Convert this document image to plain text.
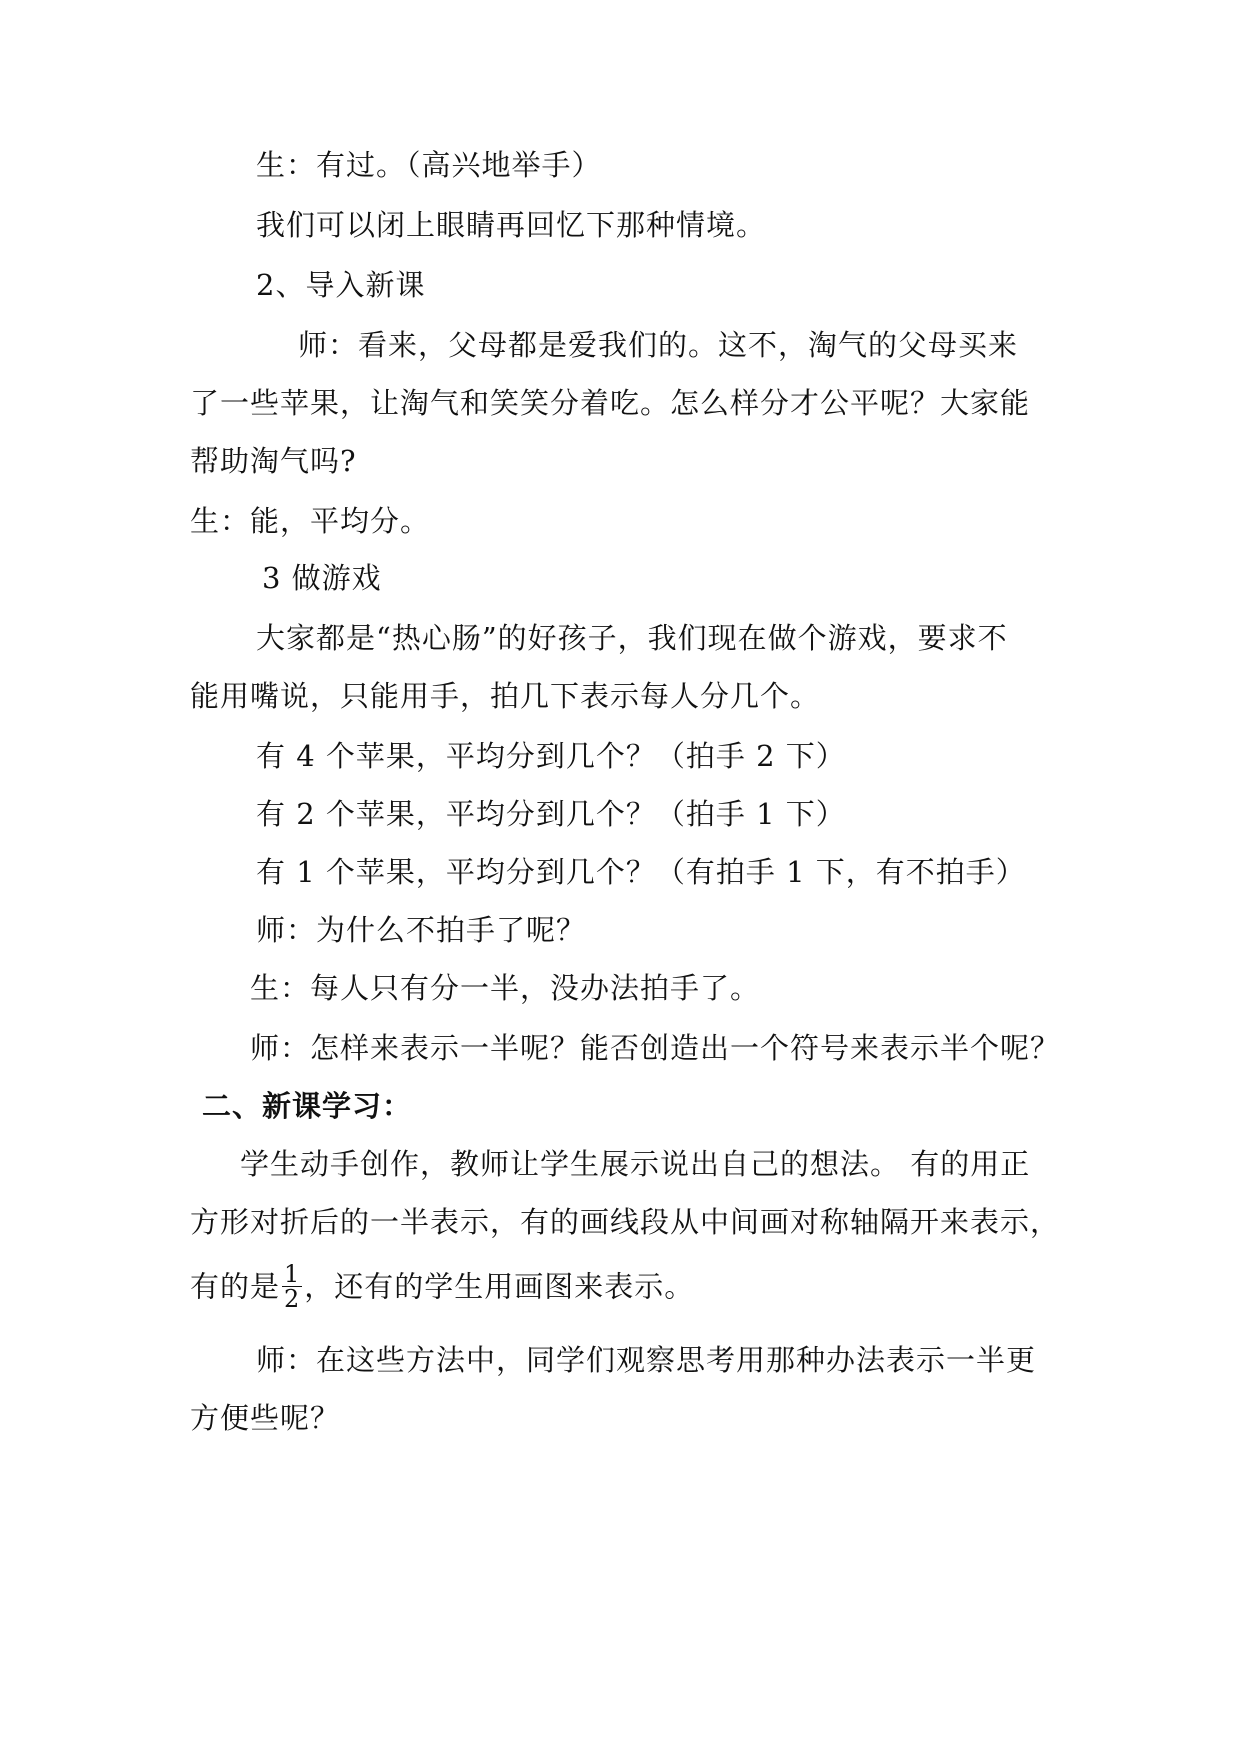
生：有过。（高兴地举手）
我们可以闭上眼睛再回忆下那种情境。
2、导入新课
师：看来，父母都是爱我们的。这不，淘气的父母买来
了一些苹果，让淘气和笑笑分着吃。怎么样分才公平呢？大家能
帮助淘气吗?
生：能，平均分。
3 做游戏
大家都是“热心肠”的好孩子，我们现在做个游戏，要求不
能用嘴说，只能用手，拍几下表示每人分几个。
有 4 个苹果，平均分到几个？（拍手 2 下）
有 2 个苹果，平均分到几个？（拍手 1 下）
有 1 个苹果，平均分到几个？（有拍手 1 下，有不拍手）
师：为什么不拍手了呢？
生：每人只有分一半，没办法拍手了。
师：怎样来表示一半呢？能否创造出一个符号来表示半个呢？
二、新课学习：
学生动手创作，教师让学生展示说出自己的想法。 有的用正
方形对折后的一半表示，有的画线段从中间画对称轴隔开来表示，
有的是 $\frac{1}{2}$ ，还有的学生用画图来表示。
师：在这些方法中，同学们观察思考用那种办法表示一半更
方便些呢？
